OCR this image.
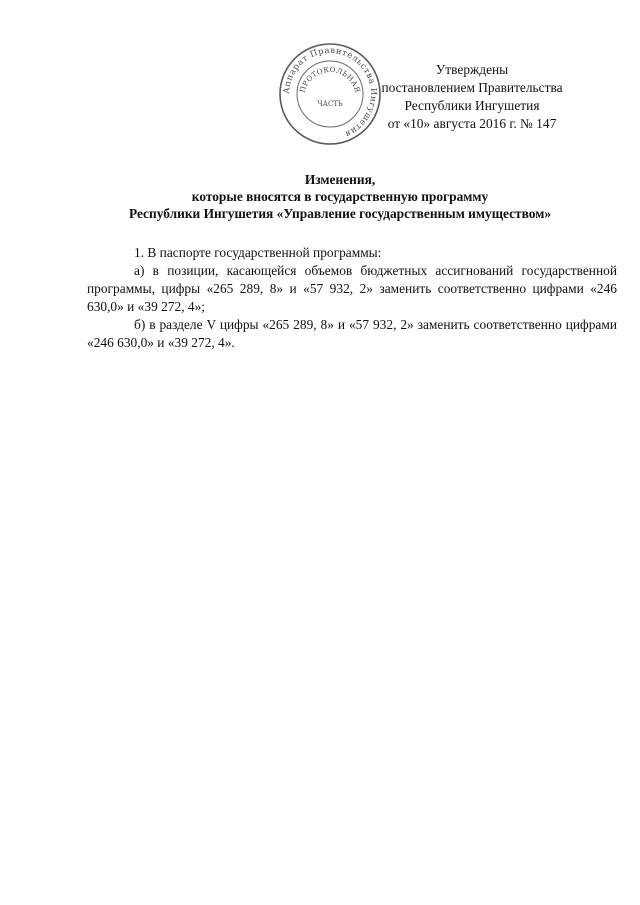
Аппарат Правительства Ингушетия
ПРОТОКОЛЬНАЯ
ЧАСТЬ
Утверждены
постановлением Правительства
Республики Ингушетия
от «10» августа 2016 г. № 147
Изменения,
которые вносятся в государственную программу
Республики Ингушетия «Управление государственным имуществом»

1. В паспорте государственной программы:

а) в позиции, касающейся объемов бюджетных ассигнований государственной программы, цифры «265 289, 8» и «57 932, 2» заменить соответственно цифрами «246 630,0» и «39 272, 4»;

б) в разделе V цифры «265 289, 8» и «57 932, 2» заменить соответственно цифрами «246 630,0» и «39 272, 4».
